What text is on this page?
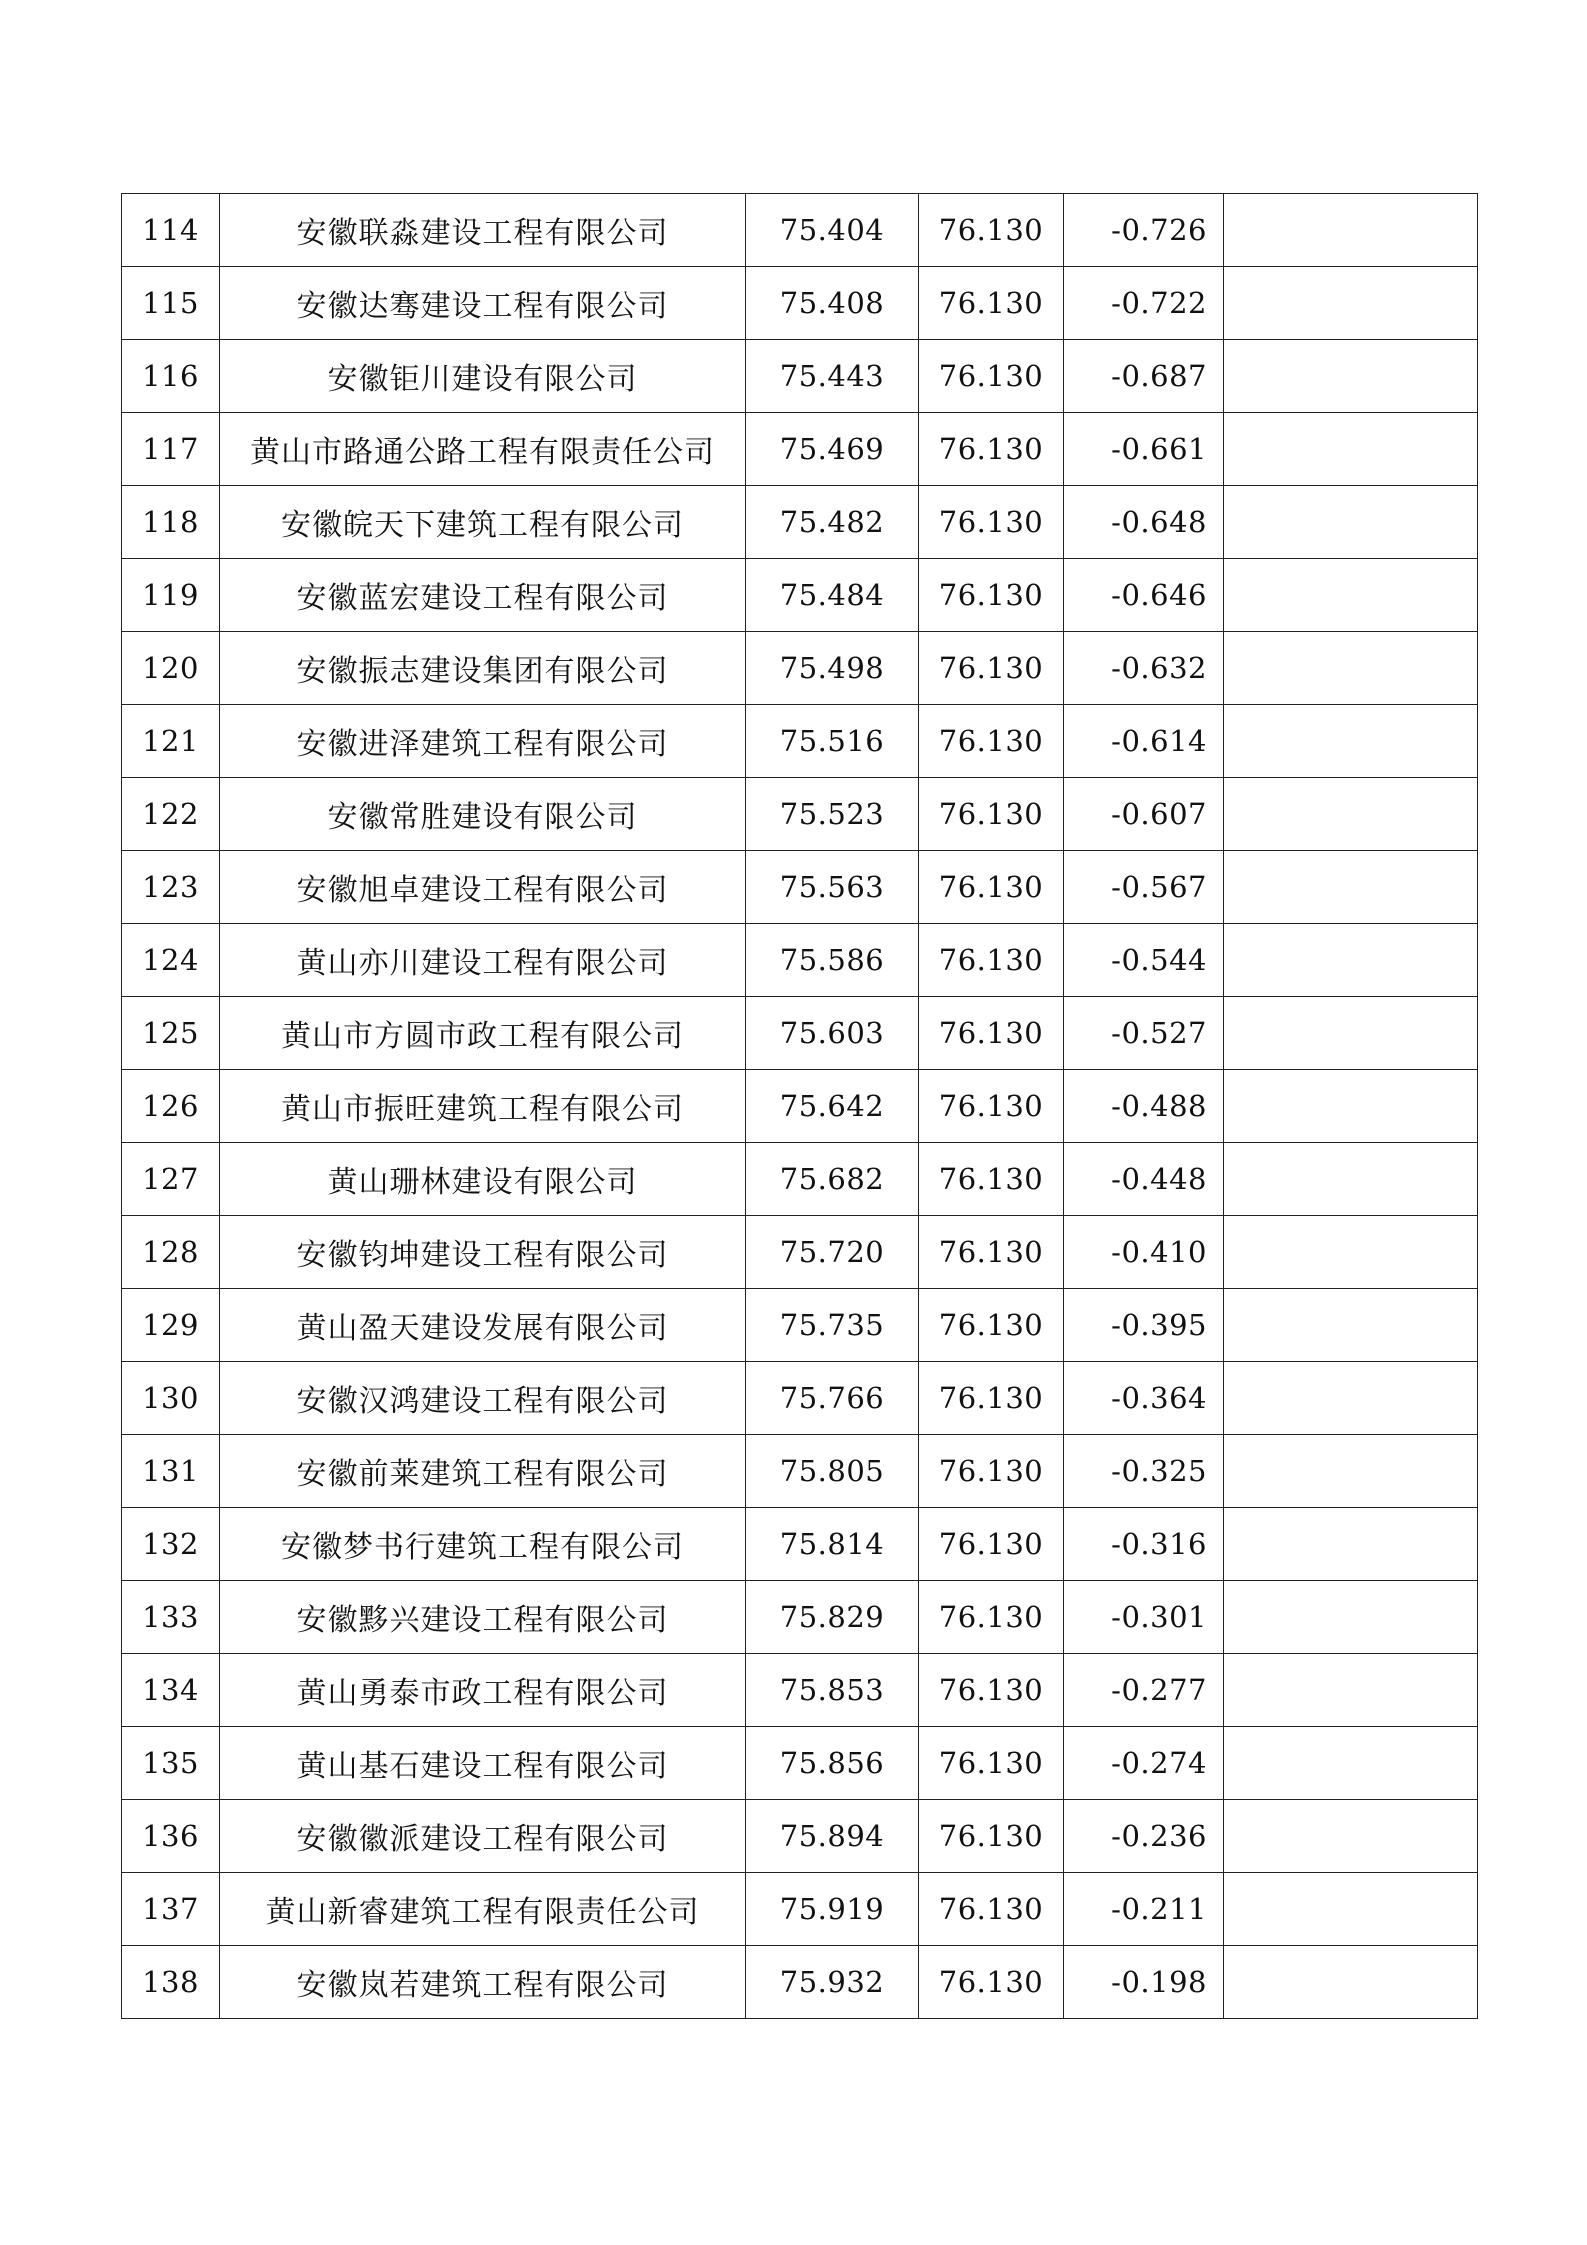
114	安徽联淼建设工程有限公司	75.404	76.130	-0.726	
115	安徽达骞建设工程有限公司	75.408	76.130	-0.722	
116	安徽钜川建设有限公司	75.443	76.130	-0.687	
117	黄山市路通公路工程有限责任公司	75.469	76.130	-0.661	
118	安徽皖天下建筑工程有限公司	75.482	76.130	-0.648	
119	安徽蓝宏建设工程有限公司	75.484	76.130	-0.646	
120	安徽振志建设集团有限公司	75.498	76.130	-0.632	
121	安徽进泽建筑工程有限公司	75.516	76.130	-0.614	
122	安徽常胜建设有限公司	75.523	76.130	-0.607	
123	安徽旭卓建设工程有限公司	75.563	76.130	-0.567	
124	黄山亦川建设工程有限公司	75.586	76.130	-0.544	
125	黄山市方圆市政工程有限公司	75.603	76.130	-0.527	
126	黄山市振旺建筑工程有限公司	75.642	76.130	-0.488	
127	黄山珊林建设有限公司	75.682	76.130	-0.448	
128	安徽钧坤建设工程有限公司	75.720	76.130	-0.410	
129	黄山盈天建设发展有限公司	75.735	76.130	-0.395	
130	安徽汉鸿建设工程有限公司	75.766	76.130	-0.364	
131	安徽前莱建筑工程有限公司	75.805	76.130	-0.325	
132	安徽梦书行建筑工程有限公司	75.814	76.130	-0.316	
133	安徽黟兴建设工程有限公司	75.829	76.130	-0.301	
134	黄山勇泰市政工程有限公司	75.853	76.130	-0.277	
135	黄山基石建设工程有限公司	75.856	76.130	-0.274	
136	安徽徽派建设工程有限公司	75.894	76.130	-0.236	
137	黄山新睿建筑工程有限责任公司	75.919	76.130	-0.211	
138	安徽岚若建筑工程有限公司	75.932	76.130	-0.198	
